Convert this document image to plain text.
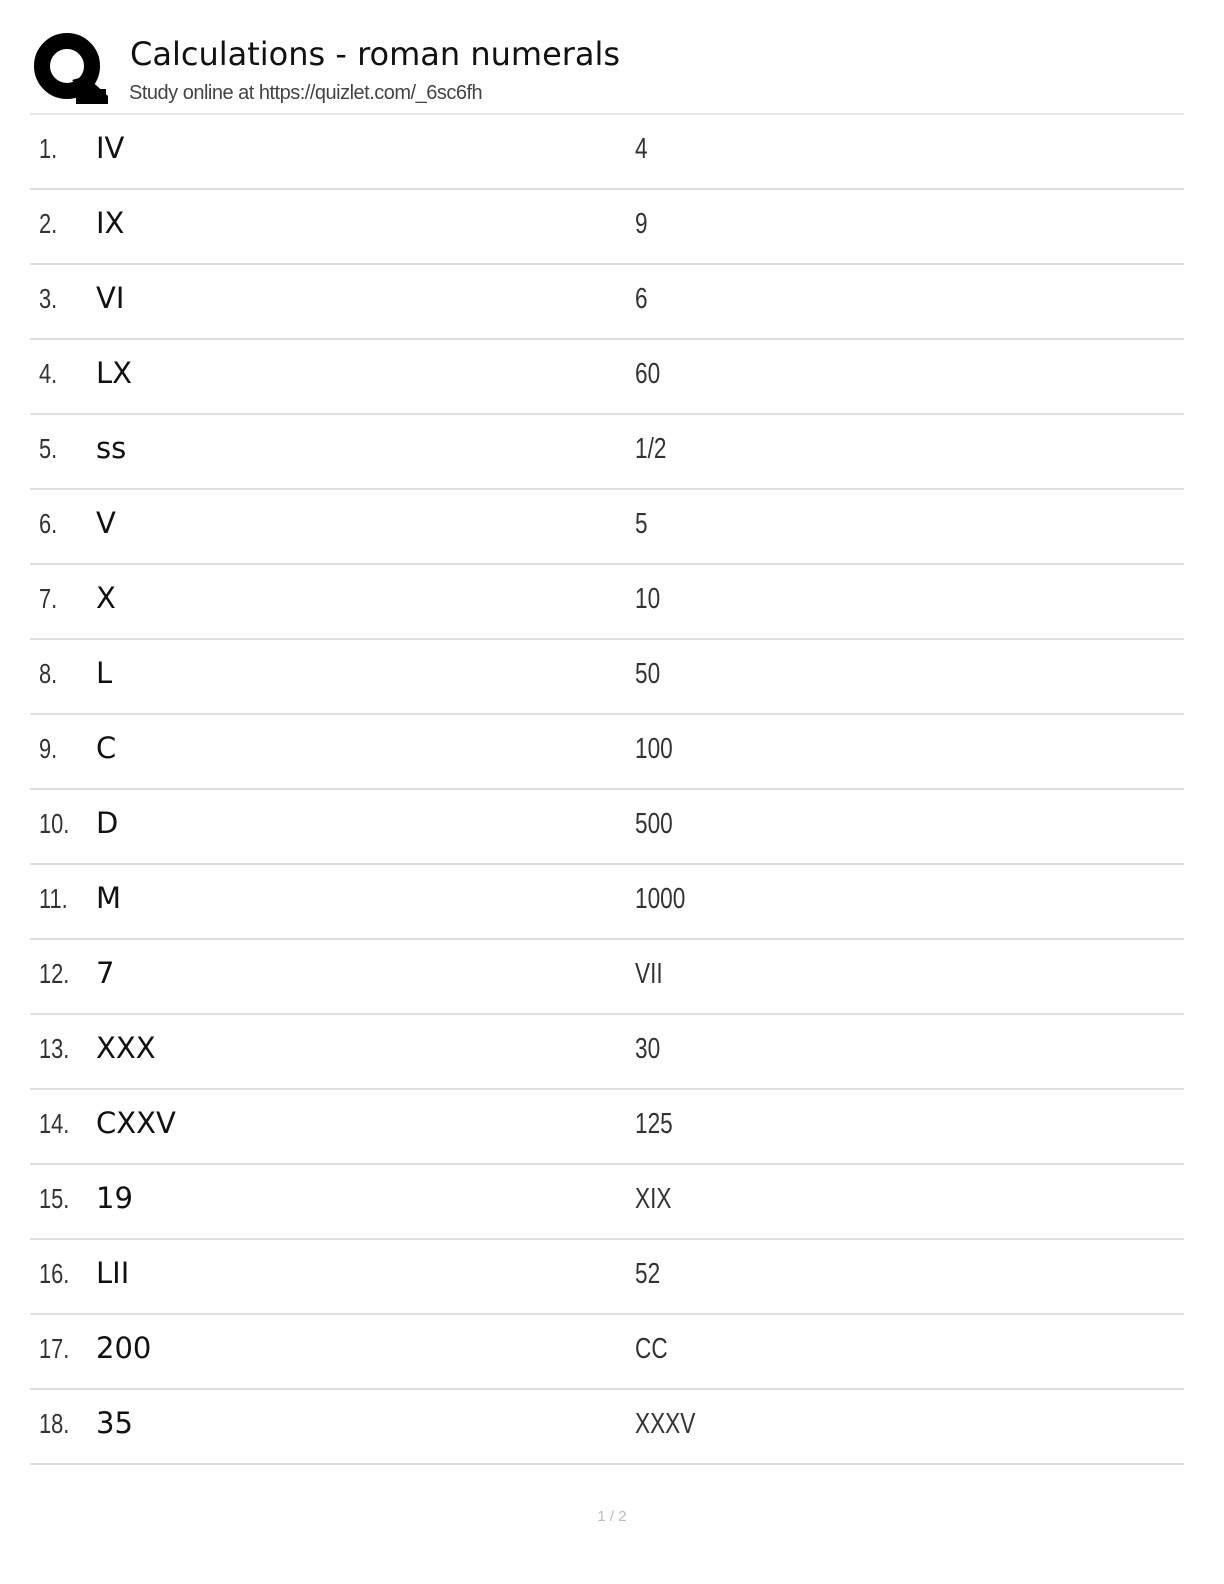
Calculations - roman numerals
Study online at https://quizlet.com/_6sc6fh
1. IV	4
2. IX	9
3. VI	6
4. LX	60
5. ss	1/2
6. V	5
7. X	10
8. L	50
9. C	100
10. D	500
11. M	1000
12. 7	VII
13. XXX	30
14. CXXV	125
15. 19	XIX
16. LII	52
17. 200	CC
18. 35	XXXV
1 / 2
